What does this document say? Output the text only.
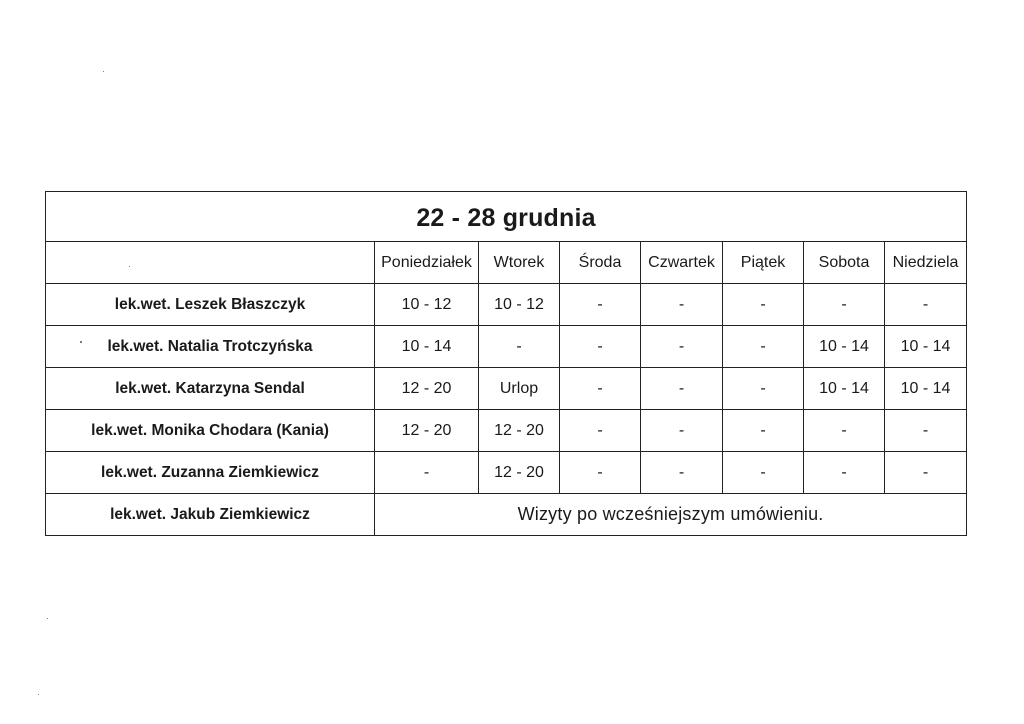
22 - 28 grudnia							
	Poniedziałek	Wtorek	Środa	Czwartek	Piątek	Sobota	Niedziela
lek.wet. Leszek Błaszczyk	10 - 12	10 - 12	-	-	-	-	-
lek.wet. Natalia Trotczyńska	10 - 14	-	-	-	-	10 - 14	10 - 14
lek.wet. Katarzyna Sendal	12 - 20	Urlop	-	-	-	10 - 14	10 - 14
lek.wet. Monika Chodara (Kania)	12 - 20	12 - 20	-	-	-	-	-
lek.wet. Zuzanna Ziemkiewicz	-	12 - 20	-	-	-	-	-
lek.wet. Jakub Ziemkiewicz	Wizyty po wcześniejszym umówieniu.						
